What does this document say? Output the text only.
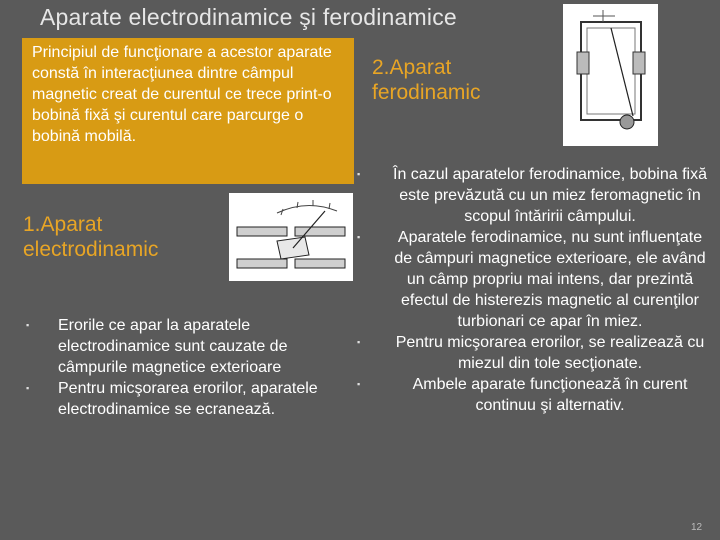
Aparate electrodinamice şi ferodinamice
Principiul de funcţionare a acestor aparate constă în interacţiunea dintre câmpul magnetic creat de curentul ce trece print-o bobină fixă şi curentul care parcurge o bobină mobilă.
2.Aparat ferodinamic
▪ În cazul aparatelor ferodinamice, bobina fixă este prevăzută cu un miez feromagnetic în scopul întăririi câmpului.
▪ Aparatele ferodinamice, nu sunt influenţate de câmpuri magnetice exterioare, ele având un câmp propriu mai intens, dar prezintă efectul de histerezis magnetic al curenţilor turbionari ce apar în miez.
▪ Pentru micşorarea erorilor, se realizează cu miezul din tole secţionate.
▪	Ambele aparate funcţionează în curent continuu şi alternativ.
1.Aparat electrodinamic
▪ Erorile ce apar la aparatele electrodinamice sunt cauzate de câmpurile magnetice exterioare
▪ Pentru micşorarea erorilor, aparatele electrodinamice se ecranează.
12
